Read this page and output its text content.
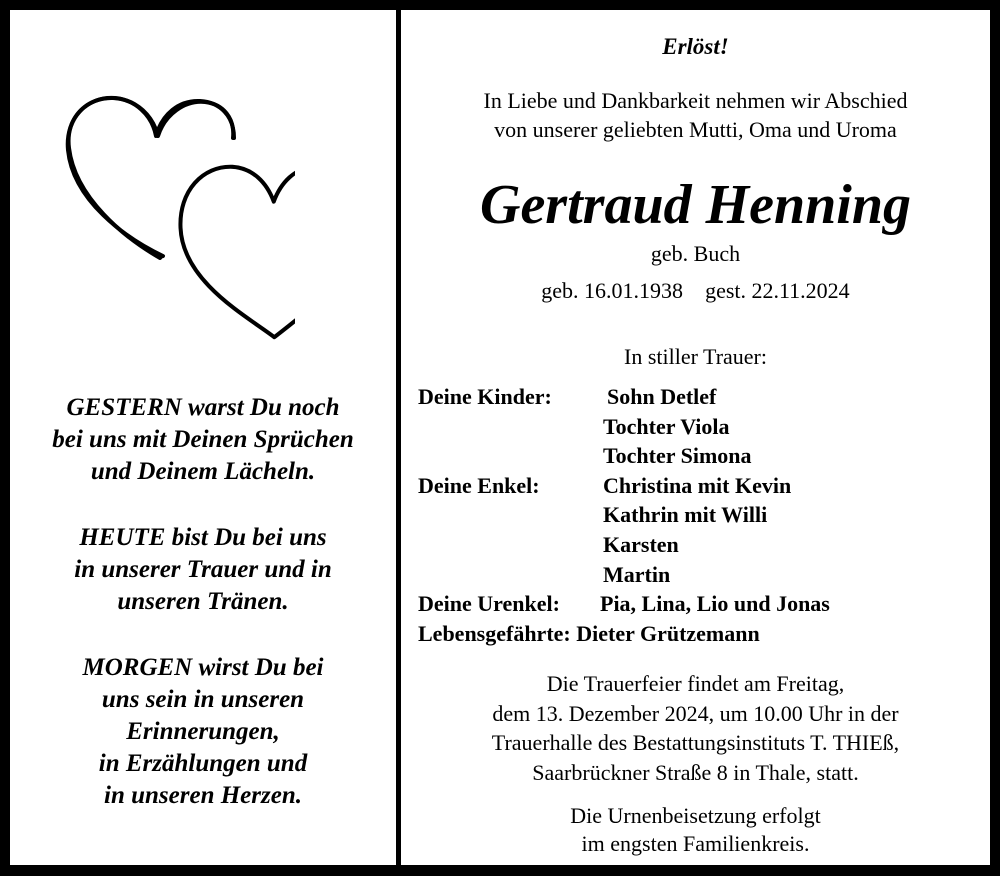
GESTERN warst Du noch
bei uns mit Deinen Sprüchen
und Deinem Lächeln.
HEUTE bist Du bei uns
in unserer Trauer und in
unseren Tränen.
MORGEN wirst Du bei
uns sein in unseren
Erinnerungen,
in Erzählungen und
in unseren Herzen.
Erlöst!
In Liebe und Dankbarkeit nehmen wir Abschied
von unserer geliebten Mutti, Oma und Uroma
Gertraud Henning
geb. Buch
geb. 16.01.1938 gest. 22.11.2024
In stiller Trauer:
Deine Kinder:	Sohn Detlef
Tochter Viola
Tochter Simona
Deine Enkel:	Christina mit Kevin
Kathrin mit Willi
Karsten
Martin
Deine Urenkel: Pia, Lina, Lio und Jonas
Lebensgefährte: Dieter Grützemann
Die Trauerfeier findet am Freitag,
dem 13. Dezember 2024, um 10.00 Uhr in der
Trauerhalle des Bestattungsinstituts T. THIEß,
Saarbrückner Straße 8 in Thale, statt.
Die Urnenbeisetzung erfolgt
im engsten Familienkreis.
